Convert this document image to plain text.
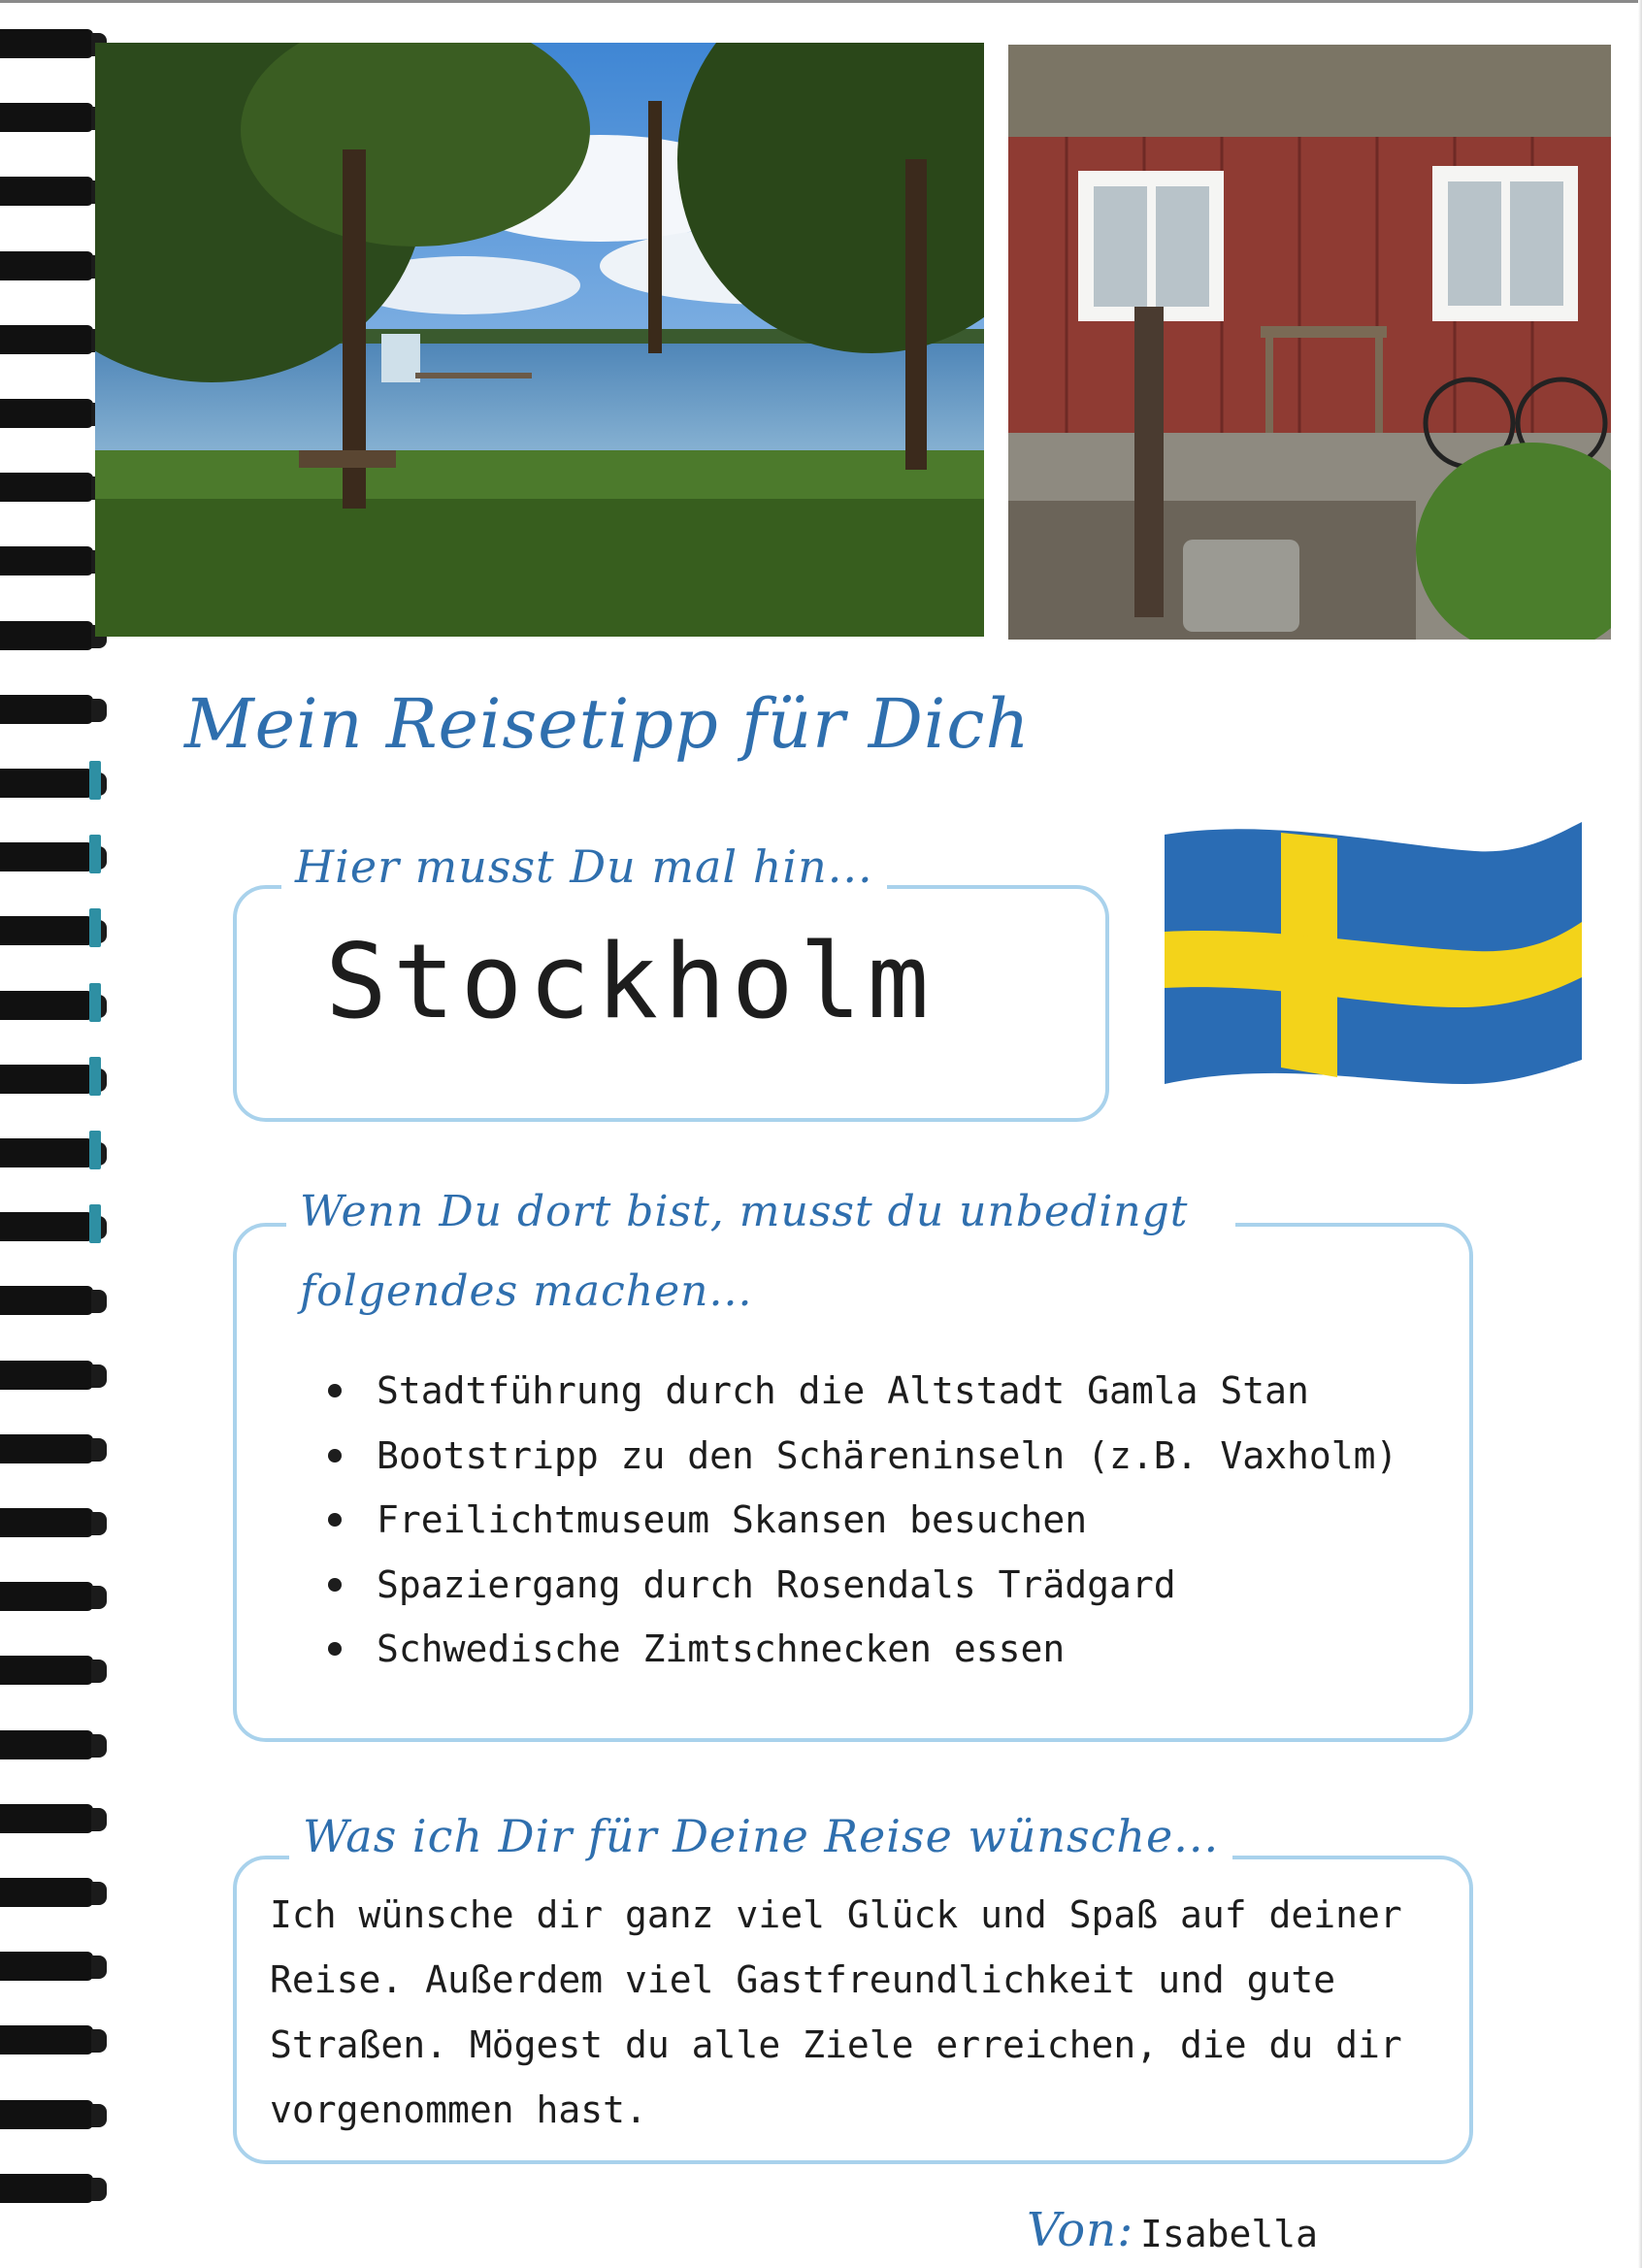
Mein Reisetipp für Dich
Hier musst Du mal hin...
Stockholm
Wenn Du dort bist, musst du unbedingt folgendes machen...
Stadtführung durch die Altstadt Gamla Stan
Bootstripp zu den Schäreninseln (z.B. Vaxholm)
Freilichtmuseum Skansen besuchen
Spaziergang durch Rosendals Trädgard
Schwedische Zimtschnecken essen
Was ich Dir für Deine Reise wünsche...

Ich wünsche dir ganz viel Glück und Spaß auf deiner Reise. Außerdem viel Gastfreundlichkeit und gute Straßen. Mögest du alle Ziele erreichen, die du dir vorgenommen hast.

Von: Isabella
